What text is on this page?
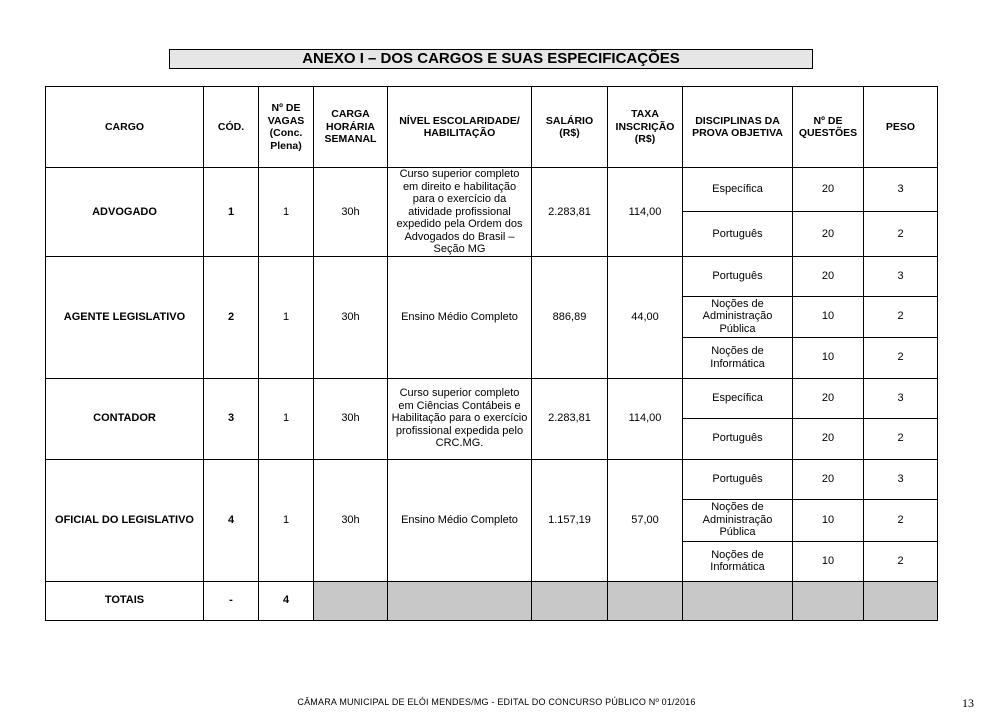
ANEXO I – DOS CARGOS E SUAS ESPECIFICAÇÕES
CARGO	CÓD.	Nº DE VAGAS (Conc. Plena)	CARGA HORÁRIA SEMANAL	NÍVEL ESCOLARIDADE/ HABILITAÇÃO	SALÁRIO (R$)	TAXA INSCRIÇÃO (R$)	DISCIPLINAS DA PROVA OBJETIVA	Nº DE QUESTÕES	PESO
ADVOGADO	1	1	30h	Curso superior completo em direito e habilitação para o exercício da atividade profissional expedido pela Ordem dos Advogados do Brasil – Seção MG	2.283,81	114,00	Específica	20	3
							Português	20	2
AGENTE LEGISLATIVO	2	1	30h	Ensino Médio Completo	886,89	44,00	Português	20	3
							Noções de Administração Pública	10	2
							Noções de Informática	10	2
CONTADOR	3	1	30h	Curso superior completo em Ciências Contábeis e Habilitação para o exercício profissional expedida pelo CRC.MG.	2.283,81	114,00	Específica	20	3
							Português	20	2
OFICIAL DO LEGISLATIVO	4	1	30h	Ensino Médio Completo	1.157,19	57,00	Português	20	3
							Noções de Administração Pública	10	2
							Noções de Informática	10	2
TOTAIS	-	4							
CÂMARA MUNICIPAL DE ELÓI MENDES/MG - EDITAL DO CONCURSO PÚBLICO Nº 01/2016	13
